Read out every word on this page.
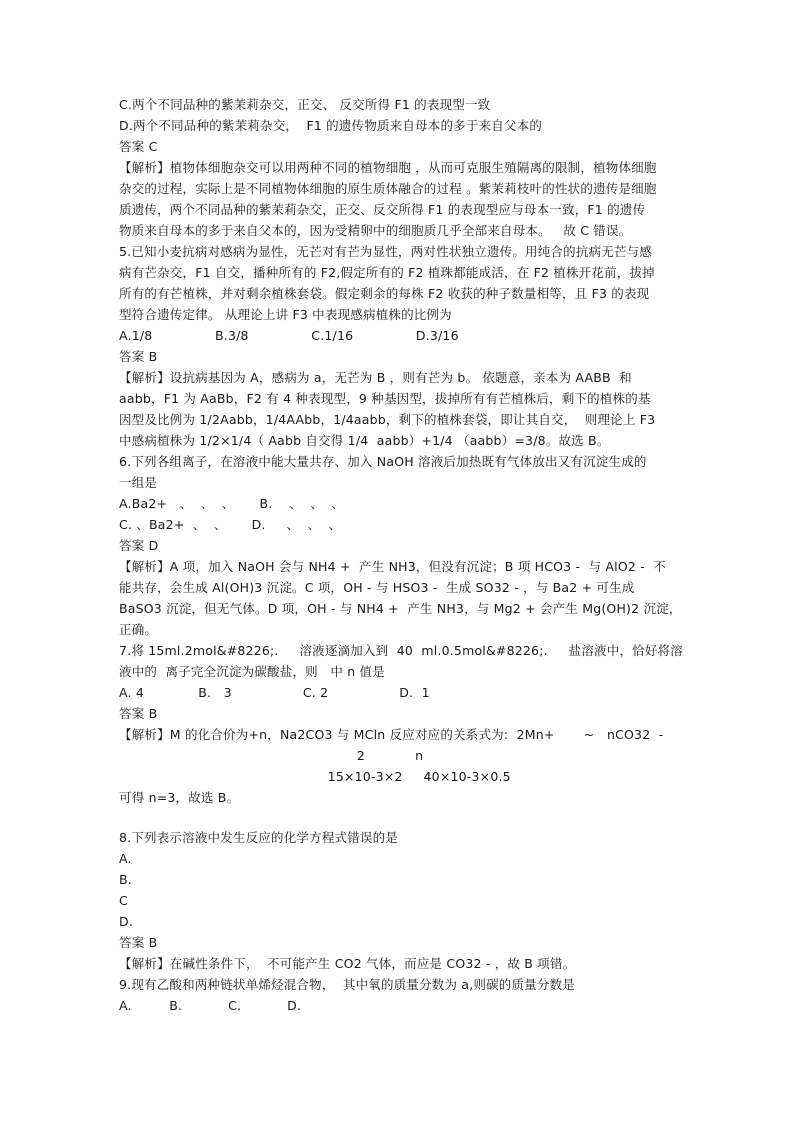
C.两个不同品种的紫茉莉杂交，正交、 反交所得 F1 的表现型一致
D.两个不同品种的紫茉莉杂交，  F1 的遗传物质来自母本的多于来自父本的
答案 C
【解析】植物体细胞杂交可以用两种不同的植物细胞 ，从而可克服生殖隔离的限制，植物体细胞
杂交的过程，实际上是不同植物体细胞的原生质体融合的过程 。紫茉莉枝叶的性状的遗传是细胞
质遗传，两个不同品种的紫茉莉杂交，正交、反交所得 F1 的表现型应与母本一致，F1 的遗传
物质来自母本的多于来自父本的，因为受精卵中的细胞质几乎全部来自母本。   故 C 错误。
5.已知小麦抗病对感病为显性，无芒对有芒为显性，两对性状独立遗传。用纯合的抗病无芒与感
病有芒杂交，F1 自交，播种所有的 F2,假定所有的 F2 植珠都能成活，在 F2 植株开花前，拔掉
所有的有芒植株，并对剩余植株套袋。假定剩余的每株 F2 收获的种子数量相等，且 F3 的表现
型符合遗传定律。 从理论上讲 F3 中表现感病植株的比例为
A.1/8               B.3/8               C.1/16               D.3/16
答案 B
【解析】设抗病基因为 A，感病为 a，无芒为 B ，则有芒为 b。 依题意，亲本为 AABB  和
aabb，F1 为 AaBb，F2 有 4 种表现型，9 种基因型，拔掉所有有芒植株后，剩下的植株的基
因型及比例为 1/2Aabb，1/4AAbb，1/4aabb，剩下的植株套袋，即让其自交，  则理论上 F3
中感病植株为 1/2×1/4（ Aabb 自交得 1/4  aabb）+1/4 （aabb）=3/8。故选 B。
6.下列各组离子，在溶液中能大量共存、加入 NaOH 溶液后加热既有气体放出又有沉淀生成的
一组是
A.Ba2+   、  、  、      B.    、  、  、
C. 、Ba2+  、  、      D.     、  、  、
答案 D
【解析】A 项，加入 NaOH 会与 NH4 +  产生 NH3，但没有沉淀；B 项 HCO3 -  与 AlO2 -  不
能共存，会生成 Al(OH)3 沉淀。C 项，OH - 与 HSO3 -  生成 SO32 - ，与 Ba2 + 可生成
BaSO3 沉淀，但无气体。D 项，OH - 与 NH4 +  产生 NH3，与 Mg2 + 会产生 Mg(OH)2 沉淀，
正确。
7.将 15ml.2mol&#8226;.     溶液逐滴加入到  40  ml.0.5mol&#8226;.     盐溶液中，恰好将溶
液中的  离子完全沉淀为碳酸盐，则   中 n 值是
A. 4             B.   3                 C. 2                 D.  1
答案 B
【解析】M 的化合价为+n，Na2CO3 与 MCln 反应对应的关系式为:  2Mn+       ~   nCO32  -
2            n
15×10-3×2     40×10-3×0.5
可得 n=3，故选 B。
8.下列表示溶液中发生反应的化学方程式错误的是
A.
B.
C
D.
答案 B
【解析】在碱性条件下，  不可能产生 CO2 气体，而应是 CO32 - ，故 B 项错。
9.现有乙酸和两种链状单烯烃混合物，  其中氧的质量分数为 a,则碳的质量分数是
A.         B.           C.           D.
